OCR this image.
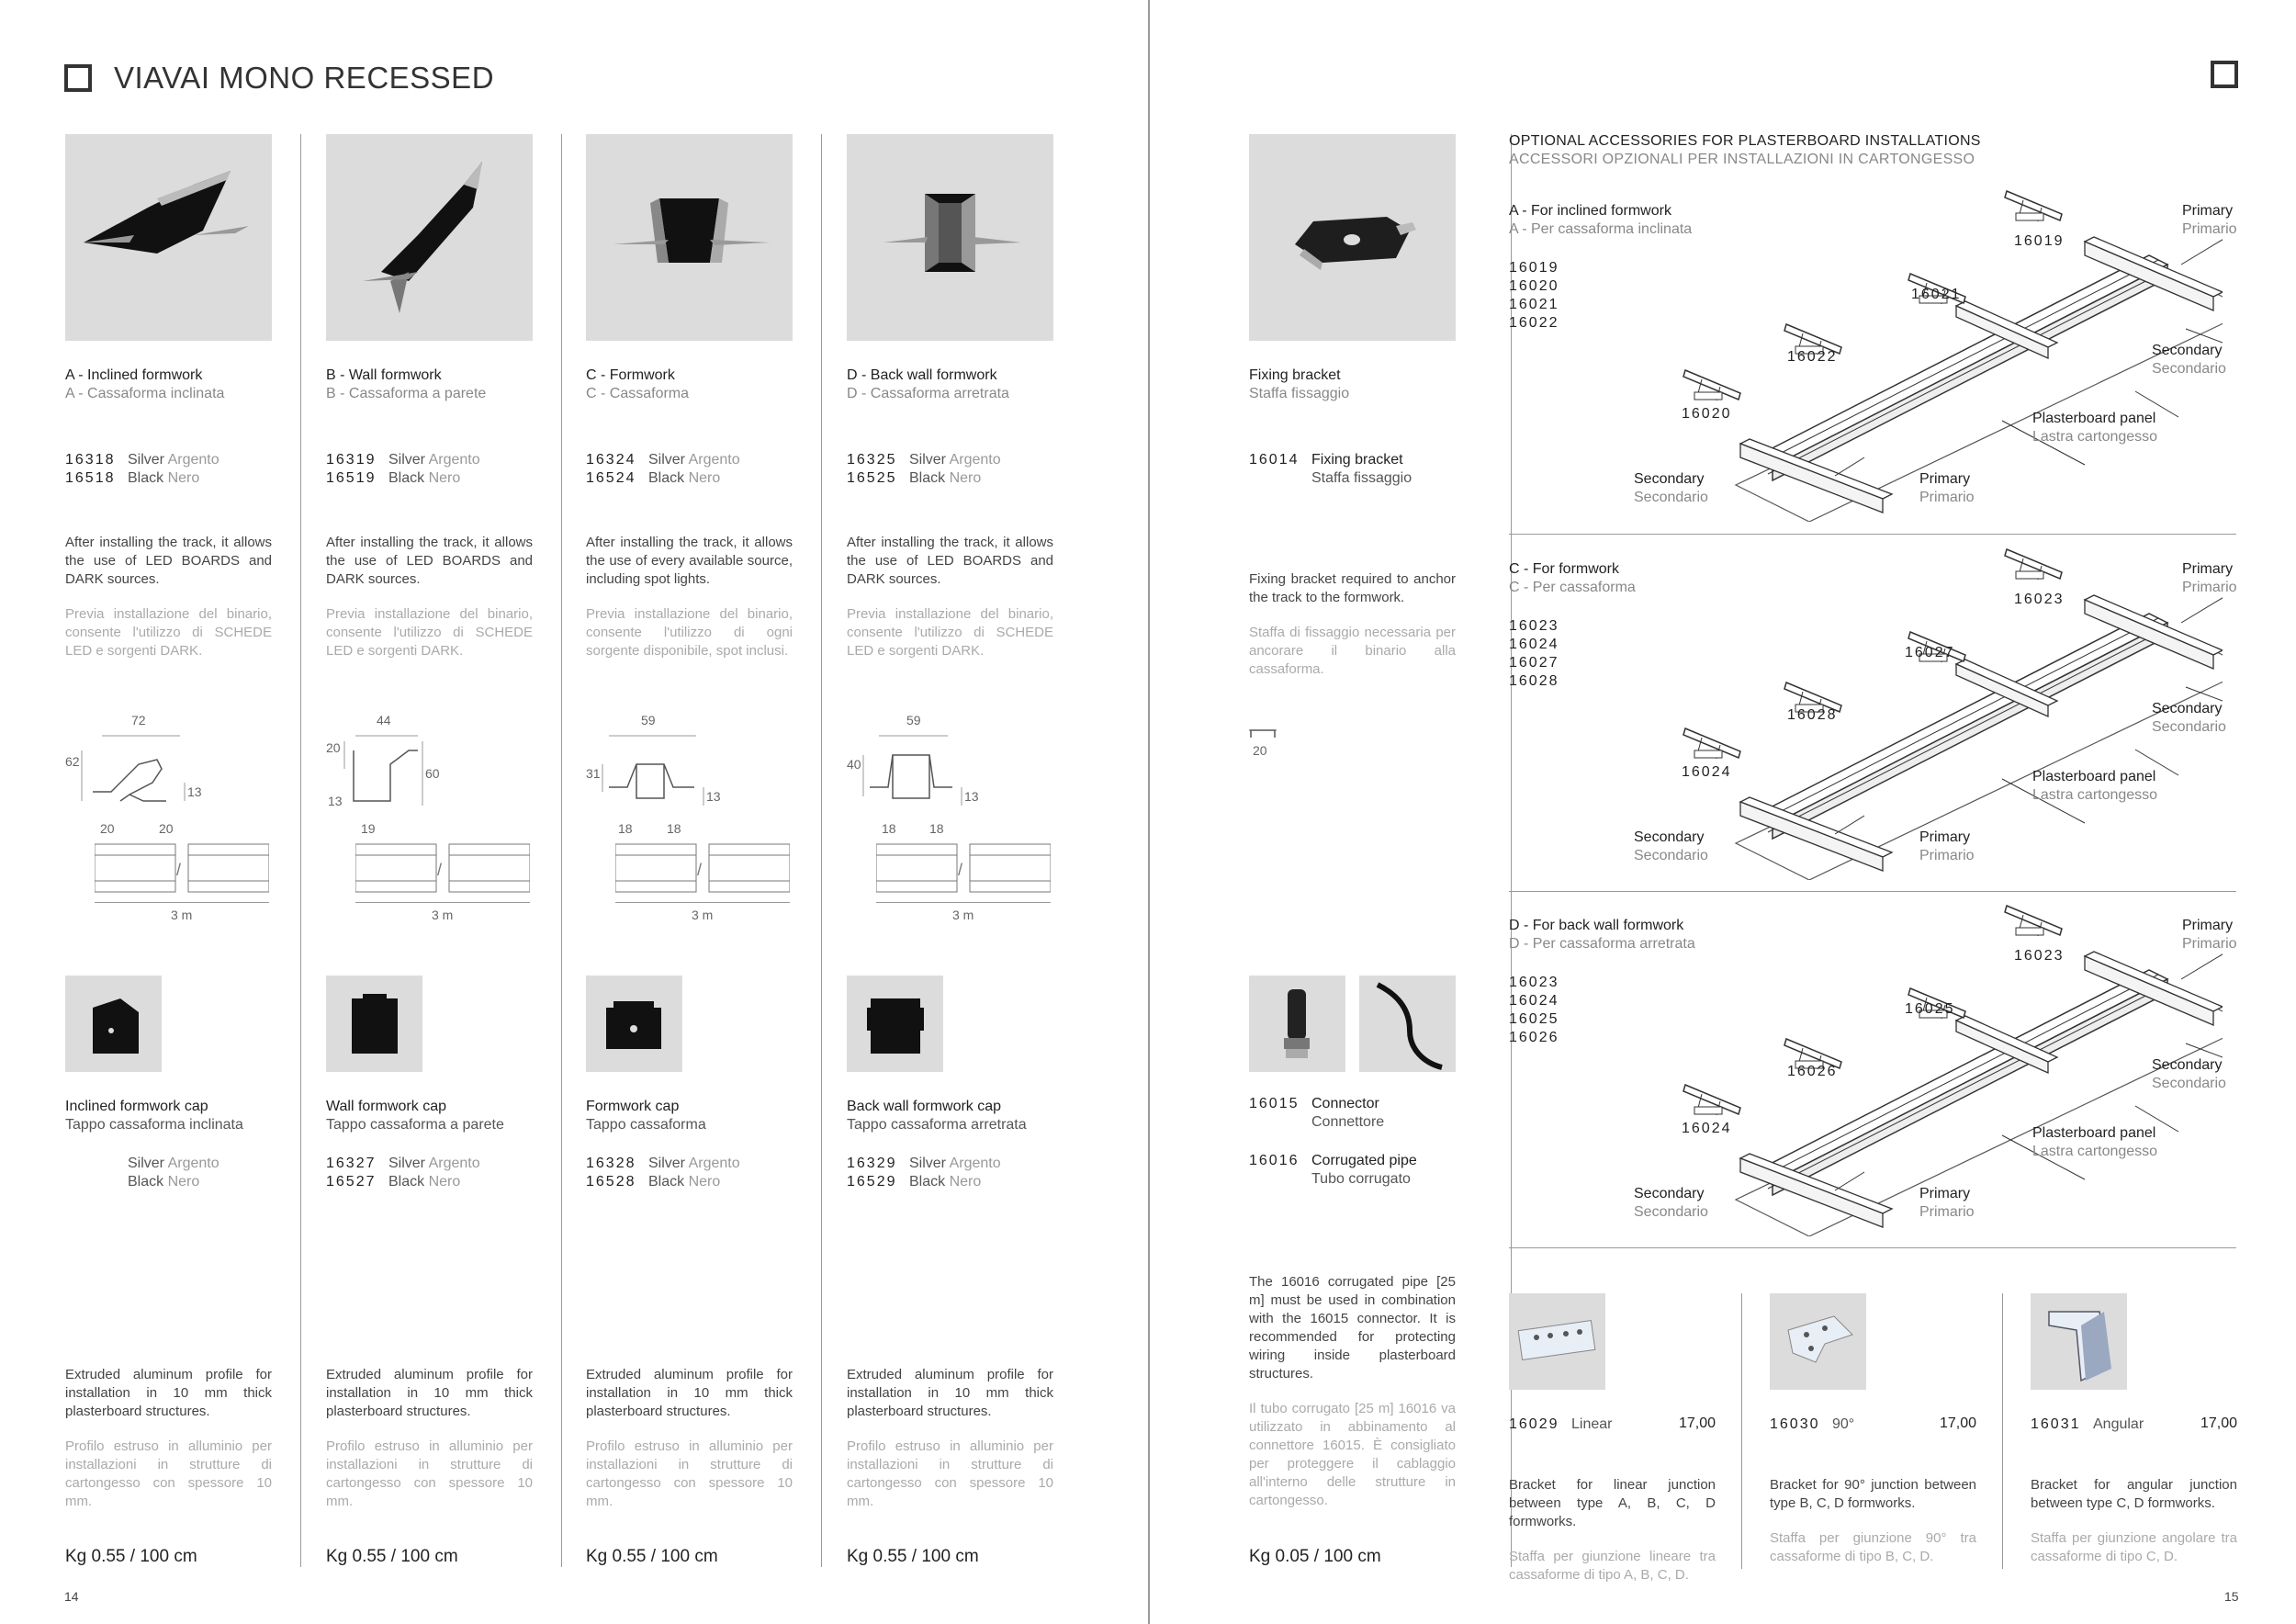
VIAVAI MONO RECESSED
A - Inclined formwork
A - Cassaforma inclinata
16318 Silver Argento
16518 Black Nero
After installing the track, it allows the use of LED BOARDS and DARK sources.
Previa installazione del binario, consente l'utilizzo di SCHEDE LED e sorgenti DARK.
72
62
13
20	20
/
3 m
Inclined formwork cap
Tappo cassaforma inclinata
Silver Argento
Black Nero
Extruded aluminum profile for installation in 10 mm thick plasterboard structures.
Profilo estruso in alluminio per installazioni in strutture di cartongesso con spessore 10 mm.
Kg 0.55 / 100 cm
B - Wall formwork
B - Cassaforma a parete
16319 Silver Argento
16519 Black Nero
After installing the track, it allows the use of LED BOARDS and DARK sources.
Previa installazione del binario, consente l'utilizzo di SCHEDE LED e sorgenti DARK.
44
20
60
13
19
/
3 m
Wall formwork cap
Tappo cassaforma a parete
16327 Silver Argento
16527 Black Nero
Extruded aluminum profile for installation in 10 mm thick plasterboard structures.
Profilo estruso in alluminio per installazioni in strutture di cartongesso con spessore 10 mm.
Kg 0.55 / 100 cm
C - Formwork
C - Cassaforma
16324 Silver Argento
16524 Black Nero
After installing the track, it allows the use of every available source, including spot lights.
Previa installazione del binario, consente l'utilizzo di ogni sorgente disponibile, spot inclusi.
59
31
13
18	18
/
3 m
Formwork cap
Tappo cassaforma
16328 Silver Argento
16528 Black Nero
Extruded aluminum profile for installation in 10 mm thick plasterboard structures.
Profilo estruso in alluminio per installazioni in strutture di cartongesso con spessore 10 mm.
Kg 0.55 / 100 cm
D - Back wall formwork
D - Cassaforma arretrata
16325 Silver Argento
16525 Black Nero
After installing the track, it allows the use of LED BOARDS and DARK sources.
Previa installazione del binario, consente l'utilizzo di SCHEDE LED e sorgenti DARK.
59
40
13
18	18
/
3 m
Back wall formwork cap
Tappo cassaforma arretrata
16329 Silver Argento
16529 Black Nero
Extruded aluminum profile for installation in 10 mm thick plasterboard structures.
Profilo estruso in alluminio per installazioni in strutture di cartongesso con spessore 10 mm.
Kg 0.55 / 100 cm
Fixing bracket
Staffa fissaggio
16014 Fixing bracket
Staffa fissaggio
Fixing bracket required to anchor the track to the formwork.
Staffa di fissaggio necessaria per ancorare il binario alla cassaforma.
20
16015 Connector
Connettore
16016 Corrugated pipe
Tubo corrugato
The 16016 corrugated pipe [25 m] must be used in combination with the 16015 connector. It is recommended for protecting wiring inside plasterboard structures.
Il tubo corrugato [25 m] 16016 va utilizzato in abbinamento al connettore 16015. È consigliato per proteggere il cablaggio all'interno delle strutture in cartongesso.
Kg 0.05 / 100 cm
OPTIONAL ACCESSORIES FOR PLASTERBOARD INSTALLATIONS
ACCESSORI OPZIONALI PER INSTALLAZIONI IN CARTONGESSO
A - For inclined formwork
A - Per cassaforma inclinata
16019
16020
16021
16022
16019
16021
16022
16020
Primary
Primario
Secondary
Secondario
Plasterboard panel
Lastra cartongesso
Secondary
Secondario
Primary
Primario
C - For formwork
C - Per cassaforma
16023
16024
16027
16028
16023
16027
16028
16024
Primary
Primario
Secondary
Secondario
Plasterboard panel
Lastra cartongesso
Secondary
Secondario
Primary
Primario
D - For back wall formwork
D - Per cassaforma arretrata
16023
16024
16025
16026
16023
16025
16026
16024
Primary
Primario
Secondary
Secondario
Plasterboard panel
Lastra cartongesso
Secondary
Secondario
Primary
Primario
16029 Linear	17,00
Bracket for linear junction between type A, B, C, D formworks.
Staffa per giunzione lineare tra cassaforme di tipo A, B, C, D.
16030 90°	17,00
Bracket for 90° junction between type B, C, D formworks.
Staffa per giunzione 90° tra cassaforme di tipo B, C, D.
16031 Angular	17,00
Bracket for angular junction between type C, D formworks.
Staffa per giunzione angolare tra cassaforme di tipo C, D.
14	15
